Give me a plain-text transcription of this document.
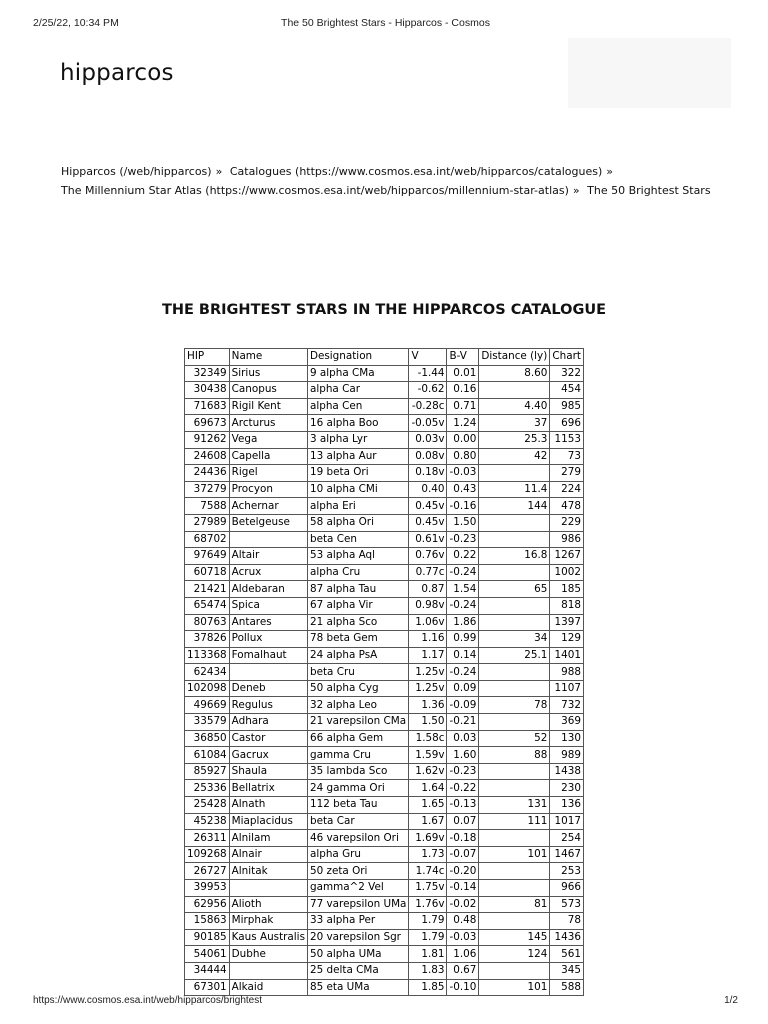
2/25/22, 10:34 PM	The 50 Brightest Stars - Hipparcos - Cosmos
hipparcos
Hipparcos (/web/hipparcos) » Catalogues (https://www.cosmos.esa.int/web/hipparcos/catalogues) »
The Millennium Star Atlas (https://www.cosmos.esa.int/web/hipparcos/millennium-star-atlas) » The 50 Brightest Stars
THE BRIGHTEST STARS IN THE HIPPARCOS CATALOGUE
HIP	Name	Designation	V	B-V	Distance (ly)	Chart
32349	Sirius	9 alpha CMa	-1.44	0.01	8.60	322
30438	Canopus	alpha Car	-0.62	0.16		454
71683	Rigil Kent	alpha Cen	-0.28c	0.71	4.40	985
69673	Arcturus	16 alpha Boo	-0.05v	1.24	37	696
91262	Vega	3 alpha Lyr	0.03v	0.00	25.3	1153
24608	Capella	13 alpha Aur	0.08v	0.80	42	73
24436	Rigel	19 beta Ori	0.18v	-0.03		279
37279	Procyon	10 alpha CMi	0.40	0.43	11.4	224
7588	Achernar	alpha Eri	0.45v	-0.16	144	478
27989	Betelgeuse	58 alpha Ori	0.45v	1.50		229
68702		beta Cen	0.61v	-0.23		986
97649	Altair	53 alpha Aql	0.76v	0.22	16.8	1267
60718	Acrux	alpha Cru	0.77c	-0.24		1002
21421	Aldebaran	87 alpha Tau	0.87	1.54	65	185
65474	Spica	67 alpha Vir	0.98v	-0.24		818
80763	Antares	21 alpha Sco	1.06v	1.86		1397
37826	Pollux	78 beta Gem	1.16	0.99	34	129
113368	Fomalhaut	24 alpha PsA	1.17	0.14	25.1	1401
62434		beta Cru	1.25v	-0.24		988
102098	Deneb	50 alpha Cyg	1.25v	0.09		1107
49669	Regulus	32 alpha Leo	1.36	-0.09	78	732
33579	Adhara	21 varepsilon CMa	1.50	-0.21		369
36850	Castor	66 alpha Gem	1.58c	0.03	52	130
61084	Gacrux	gamma Cru	1.59v	1.60	88	989
85927	Shaula	35 lambda Sco	1.62v	-0.23		1438
25336	Bellatrix	24 gamma Ori	1.64	-0.22		230
25428	Alnath	112 beta Tau	1.65	-0.13	131	136
45238	Miaplacidus	beta Car	1.67	0.07	111	1017
26311	Alnilam	46 varepsilon Ori	1.69v	-0.18		254
109268	Alnair	alpha Gru	1.73	-0.07	101	1467
26727	Alnitak	50 zeta Ori	1.74c	-0.20		253
39953		gamma^2 Vel	1.75v	-0.14		966
62956	Alioth	77 varepsilon UMa	1.76v	-0.02	81	573
15863	Mirphak	33 alpha Per	1.79	0.48		78
90185	Kaus Australis	20 varepsilon Sgr	1.79	-0.03	145	1436
54061	Dubhe	50 alpha UMa	1.81	1.06	124	561
34444		25 delta CMa	1.83	0.67		345
67301	Alkaid	85 eta UMa	1.85	-0.10	101	588
https://www.cosmos.esa.int/web/hipparcos/brightest	1/2
